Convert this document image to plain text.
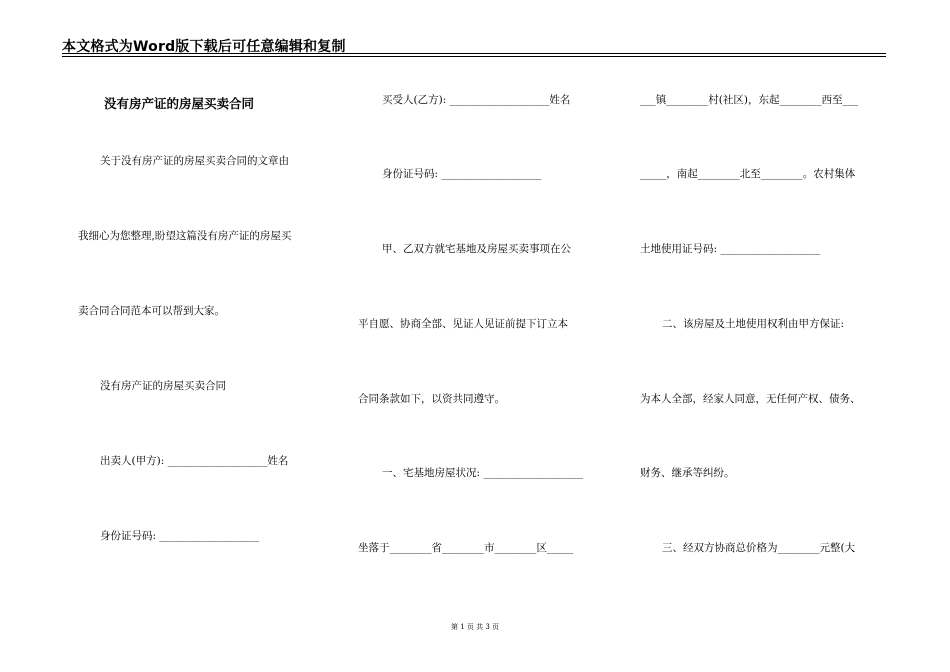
本文格式为Word版下载后可任意编辑和复制
没有房产证的房屋买卖合同
关于没有房产证的房屋买卖合同的文章由
我细心为您整理,盼望这篇没有房产证的房屋买
卖合同合同范本可以帮到大家。
没有房产证的房屋买卖合同
出卖人(甲方): ___________________姓名
身份证号码: ___________________
买受人(乙方): ___________________姓名
身份证号码: ___________________
甲、乙双方就宅基地及房屋买卖事项在公
平自愿、协商全部、见证人见证前提下订立本
合同条款如下，以资共同遵守。
一、宅基地房屋状况: ___________________
坐落于________省________市________区_____
___镇________村(社区)，东起________西至___
_____，南起________北至________。农村集体
土地使用证号码: ___________________
二、该房屋及土地使用权利由甲方保证:
为本人全部，经家人同意，无任何产权、债务、
财务、继承等纠纷。
三、经双方协商总价格为________元整(大
第 1 页 共 3 页
